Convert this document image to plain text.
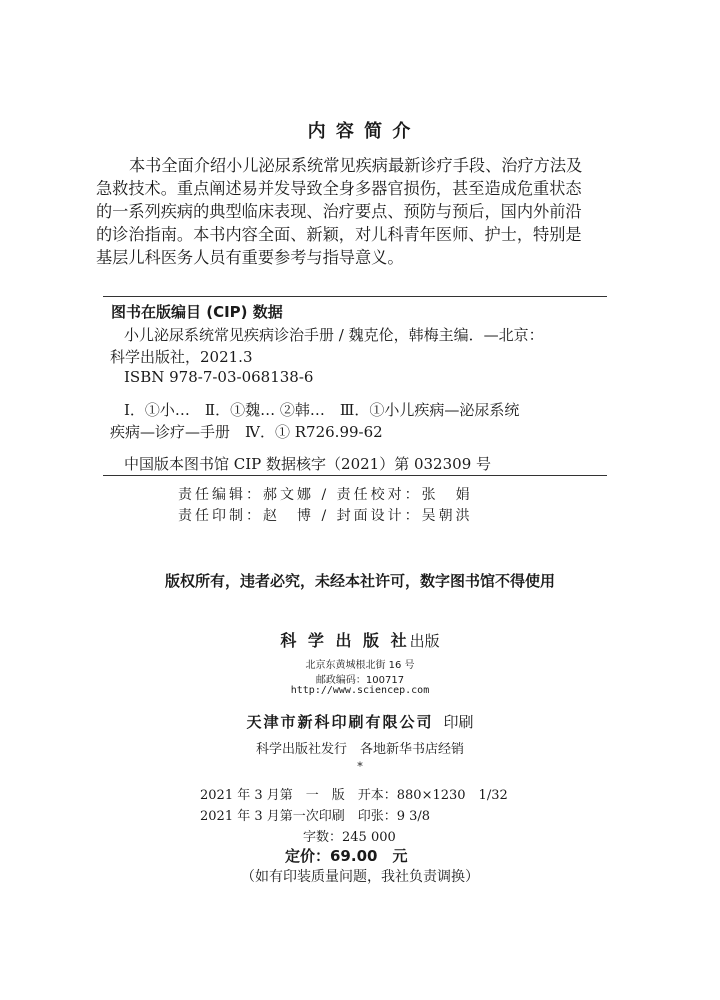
内 容 简 介
本书全面介绍小儿泌尿系统常见疾病最新诊疗手段、治疗方法及
急救技术。重点阐述易并发导致全身多器官损伤，甚至造成危重状态
的一系列疾病的典型临床表现、治疗要点、预防与预后，国内外前沿
的诊治指南。本书内容全面、新颖，对儿科青年医师、护士，特别是
基层儿科医务人员有重要参考与指导意义。
图书在版编目 (CIP) 数据
小儿泌尿系统常见疾病诊治手册 / 魏克伦，韩梅主编．—北京：
科学出版社，2021.3
ISBN 978-7-03-068138-6
Ⅰ．①小…　Ⅱ．①魏… ②韩…　Ⅲ．①小儿疾病—泌尿系统
疾病—诊疗—手册　Ⅳ．① R726.99-62
中国版本图书馆 CIP 数据核字（2021）第 032309 号
责任编辑：郝文娜 / 责任校对：张　娟
责任印制：赵　博 / 封面设计：吴朝洪
版权所有，违者必究，未经本社许可，数字图书馆不得使用
科 学 出 版 社出版
北京东黄城根北街 16 号
邮政编码：100717
http://www.sciencep.com
天津市新科印刷有限公司 印刷
科学出版社发行　各地新华书店经销
*
2021 年 3 月第　一　版　开本：880×1230　1/32
2021 年 3 月第一次印刷　印张：9 3/8
字数：245 000
定价：69.00　元
（如有印装质量问题，我社负责调换）
